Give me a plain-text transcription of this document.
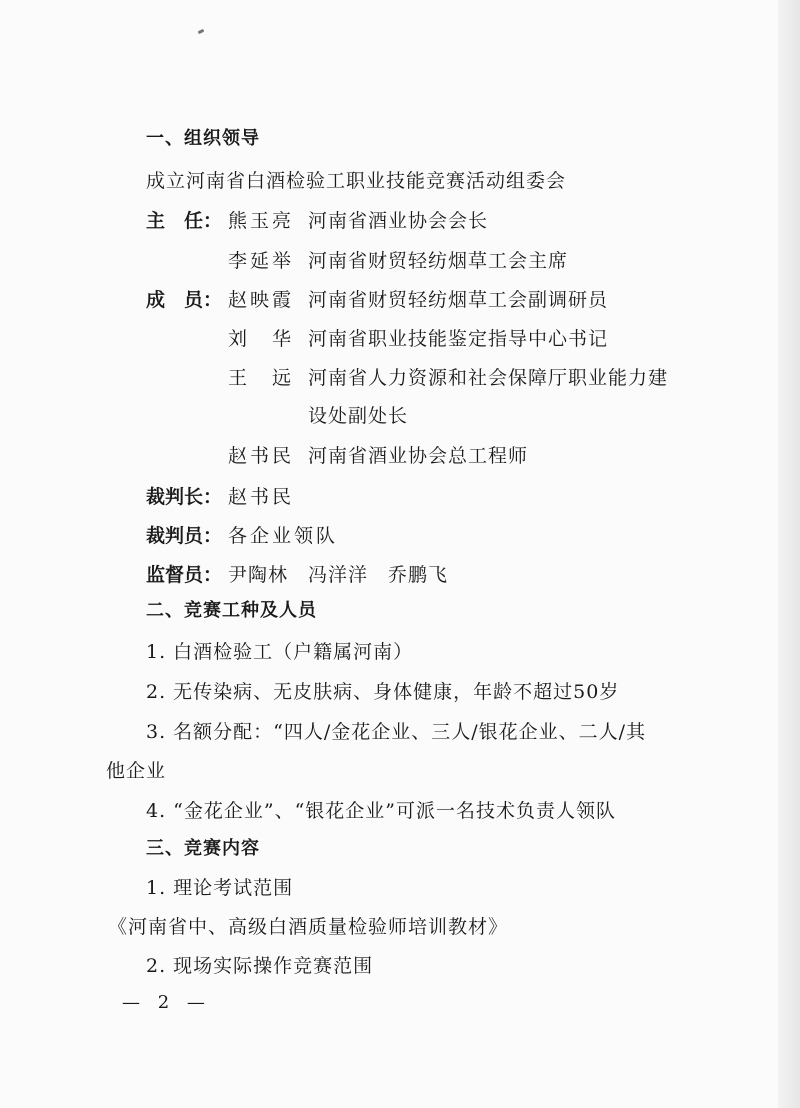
一、组织领导
成立河南省白酒检验工职业技能竞赛活动组委会
主　任： 熊玉亮 河南省酒业协会会长
李延举 河南省财贸轻纺烟草工会主席
成　员： 赵映霞 河南省财贸轻纺烟草工会副调研员
刘　华 河南省职业技能鉴定指导中心书记
王　远 河南省人力资源和社会保障厅职业能力建
设处副处长
赵书民 河南省酒业协会总工程师
裁判长： 赵书民
裁判员： 各企业领队
监督员： 尹陶林　冯洋洋　乔鹏飞
二、竞赛工种及人员
1. 白酒检验工（户籍属河南）
2. 无传染病、无皮肤病、身体健康，年龄不超过50岁
3. 名额分配：“四人/金花企业、三人/银花企业、二人/其
他企业
4. “金花企业”、“银花企业”可派一名技术负责人领队
三、竞赛内容
1. 理论考试范围
《河南省中、高级白酒质量检验师培训教材》
2. 现场实际操作竞赛范围
— 2 —
